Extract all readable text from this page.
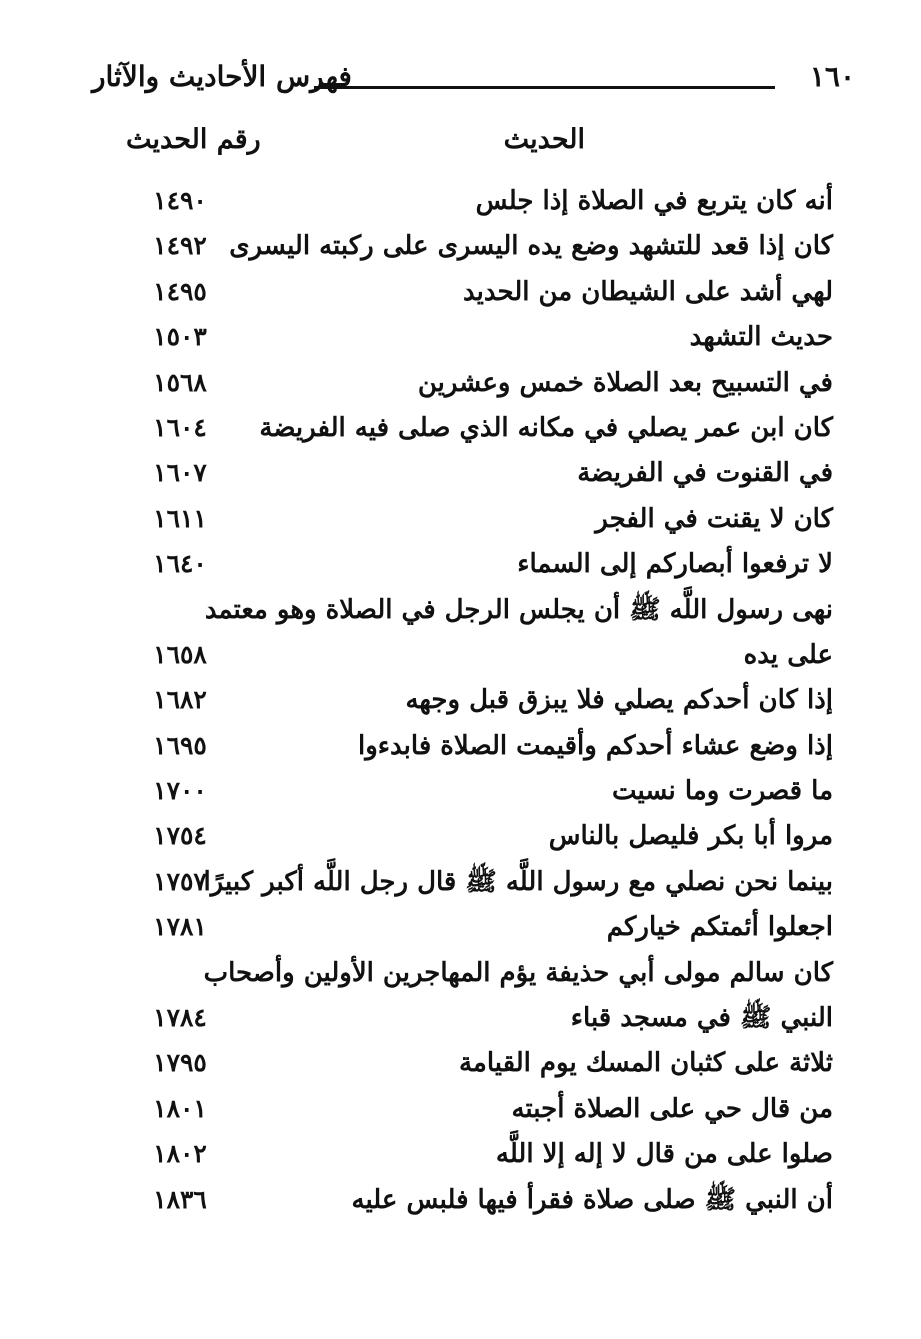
١٦٠
فهرس الأحاديث والآثار
الحديث
رقم الحديث
أنه كان يتربع في الصلاة إذا جلس
١٤٩٠
كان إذا قعد للتشهد وضع يده اليسرى على ركبته اليسرى
١٤٩٢
لهي أشد على الشيطان من الحديد
١٤٩٥
حديث التشهد
١٥٠٣
في التسبيح بعد الصلاة خمس وعشرين
١٥٦٨
كان ابن عمر يصلي في مكانه الذي صلى فيه الفريضة
١٦٠٤
في القنوت في الفريضة
١٦٠٧
كان لا يقنت في الفجر
١٦١١
لا ترفعوا أبصاركم إلى السماء
١٦٤٠
نهى رسول اللَّه ﷺ أن يجلس الرجل في الصلاة وهو معتمد
على يده
١٦٥٨
إذا كان أحدكم يصلي فلا يبزق قبل وجهه
١٦٨٢
إذا وضع عشاء أحدكم وأقيمت الصلاة فابدءوا
١٦٩٥
ما قصرت وما نسيت
١٧٠٠
مروا أبا بكر فليصل بالناس
١٧٥٤
بينما نحن نصلي مع رسول اللَّه ﷺ قال رجل اللَّه أكبر كبيرًا
١٧٥٧
اجعلوا أئمتكم خياركم
١٧٨١
كان سالم مولى أبي حذيفة يؤم المهاجرين الأولين وأصحاب
النبي ﷺ في مسجد قباء
١٧٨٤
ثلاثة على كثبان المسك يوم القيامة
١٧٩٥
من قال حي على الصلاة أجبته
١٨٠١
صلوا على من قال لا إله إلا اللَّه
١٨٠٢
أن النبي ﷺ صلى صلاة فقرأ فيها فلبس عليه
١٨٣٦
